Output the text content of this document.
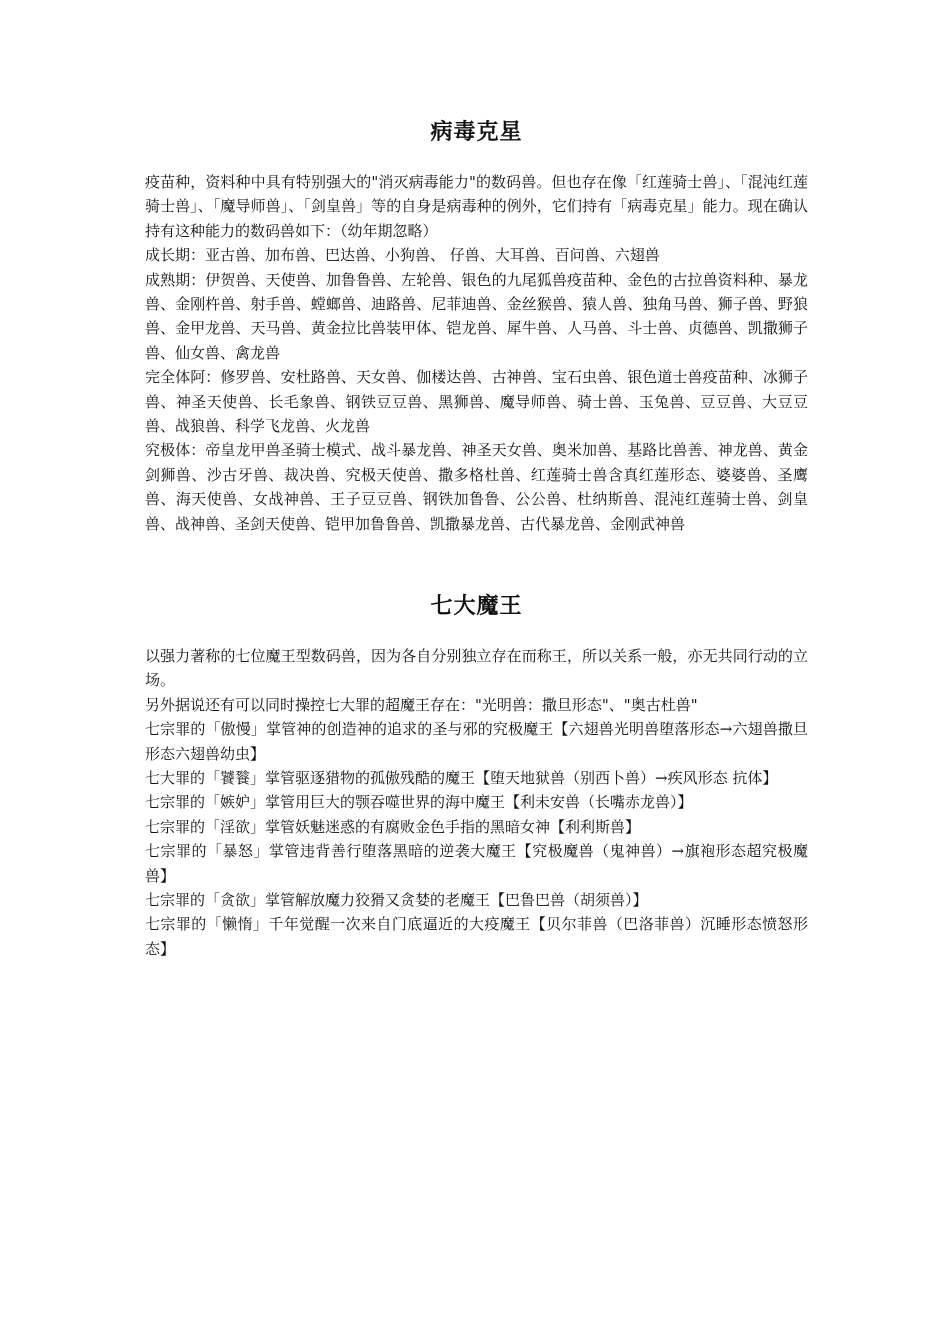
病毒克星

疫苗种，资料种中具有特别强大的"消灭病毒能力"的数码兽。但也存在像「红莲骑士兽」、「混沌红莲骑士兽」、「魔导师兽」、「剑皇兽」等的自身是病毒种的例外，它们持有「病毒克星」能力。现在确认持有这种能力的数码兽如下：（幼年期忽略）

成长期：亚古兽、加布兽、巴达兽、小狗兽、 仔兽、大耳兽、百问兽、六翅兽

成熟期：伊贺兽、天使兽、加鲁鲁兽、左轮兽、银色的九尾狐兽疫苗种、金色的古拉兽资料种、暴龙兽、金刚杵兽、射手兽、螳螂兽、迪路兽、尼菲迪兽、金丝猴兽、猿人兽、独角马兽、狮子兽、野狼兽、金甲龙兽、天马兽、黄金拉比兽装甲体、铠龙兽、犀牛兽、人马兽、斗士兽、贞德兽、凯撒狮子兽、仙女兽、禽龙兽

完全体阿：修罗兽、安杜路兽、天女兽、伽楼达兽、古神兽、宝石虫兽、银色道士兽疫苗种、冰狮子兽、神圣天使兽、长毛象兽、钢铁豆豆兽、黑狮兽、魔导师兽、骑士兽、玉兔兽、豆豆兽、大豆豆兽、战狼兽、科学飞龙兽、火龙兽

究极体：帝皇龙甲兽圣骑士模式、战斗暴龙兽、神圣天女兽、奥米加兽、基路比兽善、神龙兽、黄金剑狮兽、沙古牙兽、裁决兽、究极天使兽、撒多格杜兽、红莲骑士兽含真红莲形态、婆婆兽、圣鹰兽、海天使兽、女战神兽、王子豆豆兽、钢铁加鲁鲁、公公兽、杜纳斯兽、混沌红莲骑士兽、剑皇兽、战神兽、圣剑天使兽、铠甲加鲁鲁兽、凯撒暴龙兽、古代暴龙兽、金刚武神兽

七大魔王

以强力著称的七位魔王型数码兽，因为各自分别独立存在而称王，所以关系一般，亦无共同行动的立场。

另外据说还有可以同时操控七大罪的超魔王存在："光明兽：撒旦形态"、"奥古杜兽"

七宗罪的「傲慢」掌管神的创造神的追求的圣与邪的究极魔王【六翅兽光明兽堕落形态→六翅兽撒旦形态六翅兽幼虫】

七大罪的「饕餮」掌管驱逐猎物的孤傲残酷的魔王【堕天地狱兽（别西卜兽）→疾风形态 抗体】

七宗罪的「嫉妒」掌管用巨大的颚吞噬世界的海中魔王【利未安兽（长嘴赤龙兽）】

七宗罪的「淫欲」掌管妖魅迷惑的有腐败金色手指的黑暗女神【利利斯兽】

七宗罪的「暴怒」掌管违背善行堕落黑暗的逆袭大魔王【究极魔兽（鬼神兽）→旗袍形态超究极魔兽】

七宗罪的「贪欲」掌管解放魔力狡猾又贪婪的老魔王【巴鲁巴兽（胡须兽）】

七宗罪的「懒惰」千年觉醒一次来自门底逼近的大疫魔王【贝尔菲兽（巴洛菲兽）沉睡形态愤怒形态】
